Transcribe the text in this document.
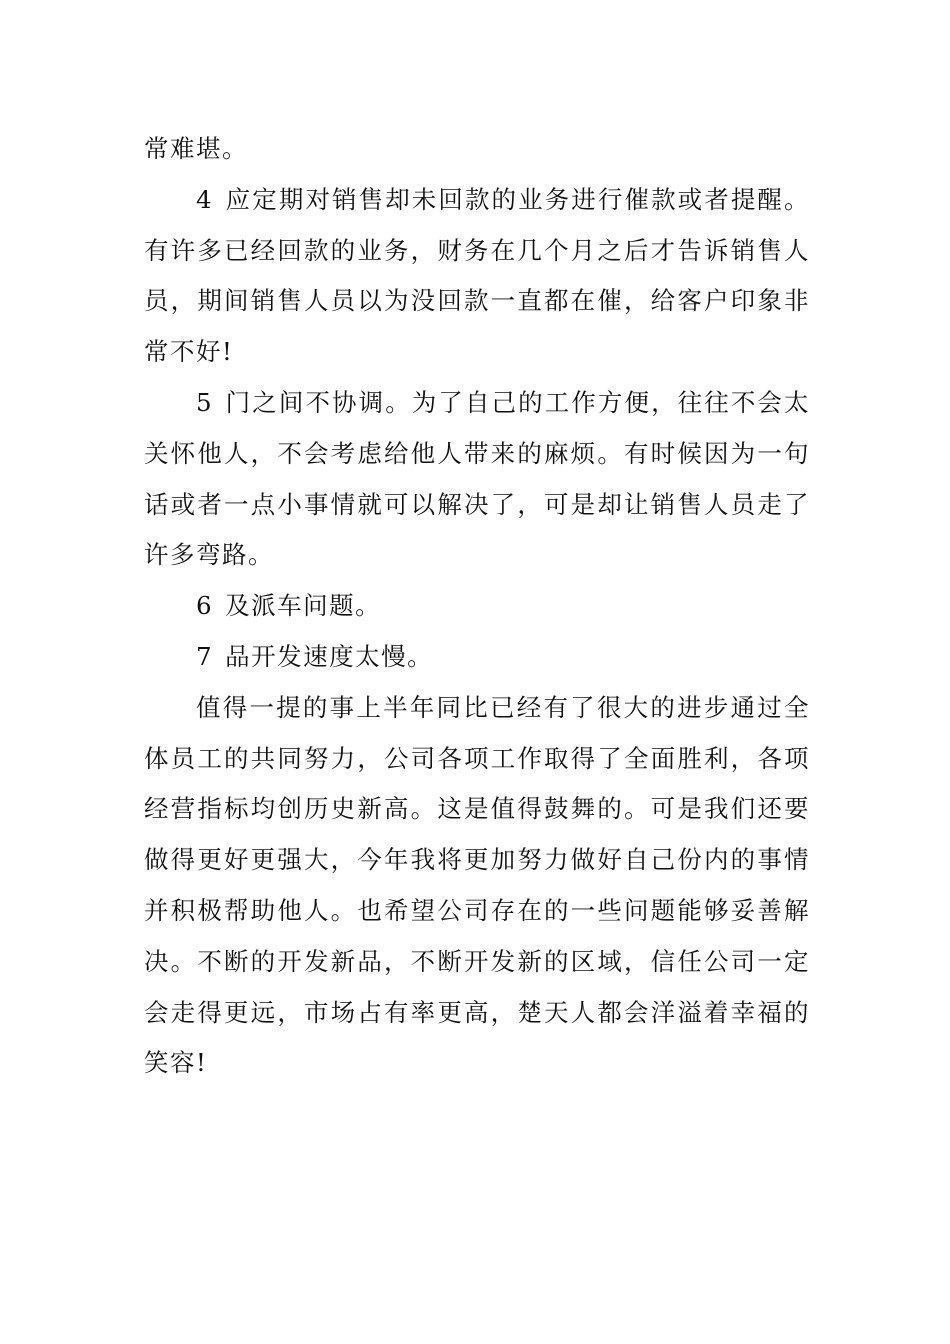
常难堪。

4 应定期对销售却未回款的业务进行催款或者提醒。有许多已经回款的业务，财务在几个月之后才告诉销售人员，期间销售人员以为没回款一直都在催，给客户印象非常不好!

5 门之间不协调。为了自己的工作方便，往往不会太关怀他人，不会考虑给他人带来的麻烦。有时候因为一句话或者一点小事情就可以解决了，可是却让销售人员走了许多弯路。

6 及派车问题。

7 品开发速度太慢。

值得一提的事上半年同比已经有了很大的进步通过全体员工的共同努力，公司各项工作取得了全面胜利，各项经营指标均创历史新高。这是值得鼓舞的。可是我们还要做得更好更强大，今年我将更加努力做好自己份内的事情并积极帮助他人。也希望公司存在的一些问题能够妥善解决。不断的开发新品，不断开发新的区域，信任公司一定会走得更远，市场占有率更高，楚天人都会洋溢着幸福的笑容!
